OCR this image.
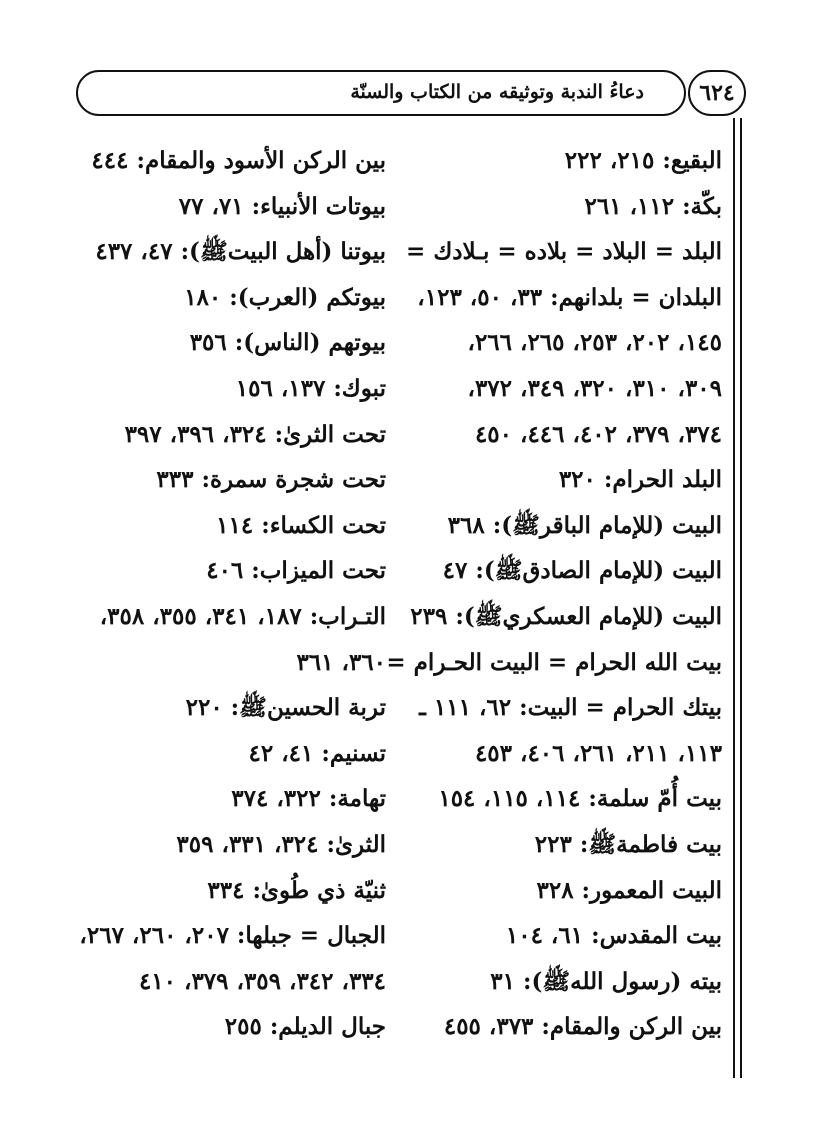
دعاءُ الندبة وتوثيقه من الكتاب والسنّة	٦٢٤
البقيع: ٢١٥، ٢٢٢
بكّة: ١١٢، ٢٦١
البلد = البلاد = بلاده = بـلادك =
البلدان = بلدانهم: ٣٣، ٥٠، ١٢٣،
١٤٥، ٢٠٢، ٢٥٣، ٢٦٥، ٢٦٦،
٣٠٩، ٣١٠، ٣٢٠، ٣٤٩، ٣٧٢،
٣٧٤، ٣٧٩، ٤٠٢، ٤٤٦، ٤٥٠
البلد الحرام: ٣٢٠
البيت (للإمام الباقرﷺ): ٣٦٨
البيت (للإمام الصادقﷺ): ٤٧
البيت (للإمام العسكريﷺ): ٢٣٩
بيت الله الحرام = البيت الحـرام =
بيتك الحرام = البيت: ٦٢، ١١١ ـ
١١٣، ٢١١، ٢٦١، ٤٠٦، ٤٥٣
بيت أُمّ سلمة: ١١٤، ١١٥، ١٥٤
بيت فاطمةﷺ: ٢٢٣
البيت المعمور: ٣٢٨
بيت المقدس: ٦١، ١٠٤
بيته (رسول اللهﷺ): ٣١
بين الركن والمقام: ٣٧٣، ٤٥٥
بين الركن الأسود والمقام: ٤٤٤
بيوتات الأنبياء: ٧١، ٧٧
بيوتنا (أهل البيتﷺ): ٤٧، ٤٣٧
بيوتكم (العرب): ١٨٠
بيوتهم (الناس): ٣٥٦
تبوك: ١٣٧، ١٥٦
تحت الثرىٰ: ٣٢٤، ٣٩٦، ٣٩٧
تحت شجرة سمرة: ٣٣٣
تحت الكساء: ١١٤
تحت الميزاب: ٤٠٦
التـراب: ١٨٧، ٣٤١، ٣٥٥، ٣٥٨،
٣٦٠، ٣٦١
تربة الحسينﷺ: ٢٢٠
تسنيم: ٤١، ٤٢
تهامة: ٣٢٢، ٣٧٤
الثرىٰ: ٣٢٤، ٣٣١، ٣٥٩
ثنيّة ذي طُوىٰ: ٣٣٤
الجبال = جبلها: ٢٠٧، ٢٦٠، ٢٦٧،
٣٣٤، ٣٤٢، ٣٥٩، ٣٧٩، ٤١٠
جبال الديلم: ٢٥٥
